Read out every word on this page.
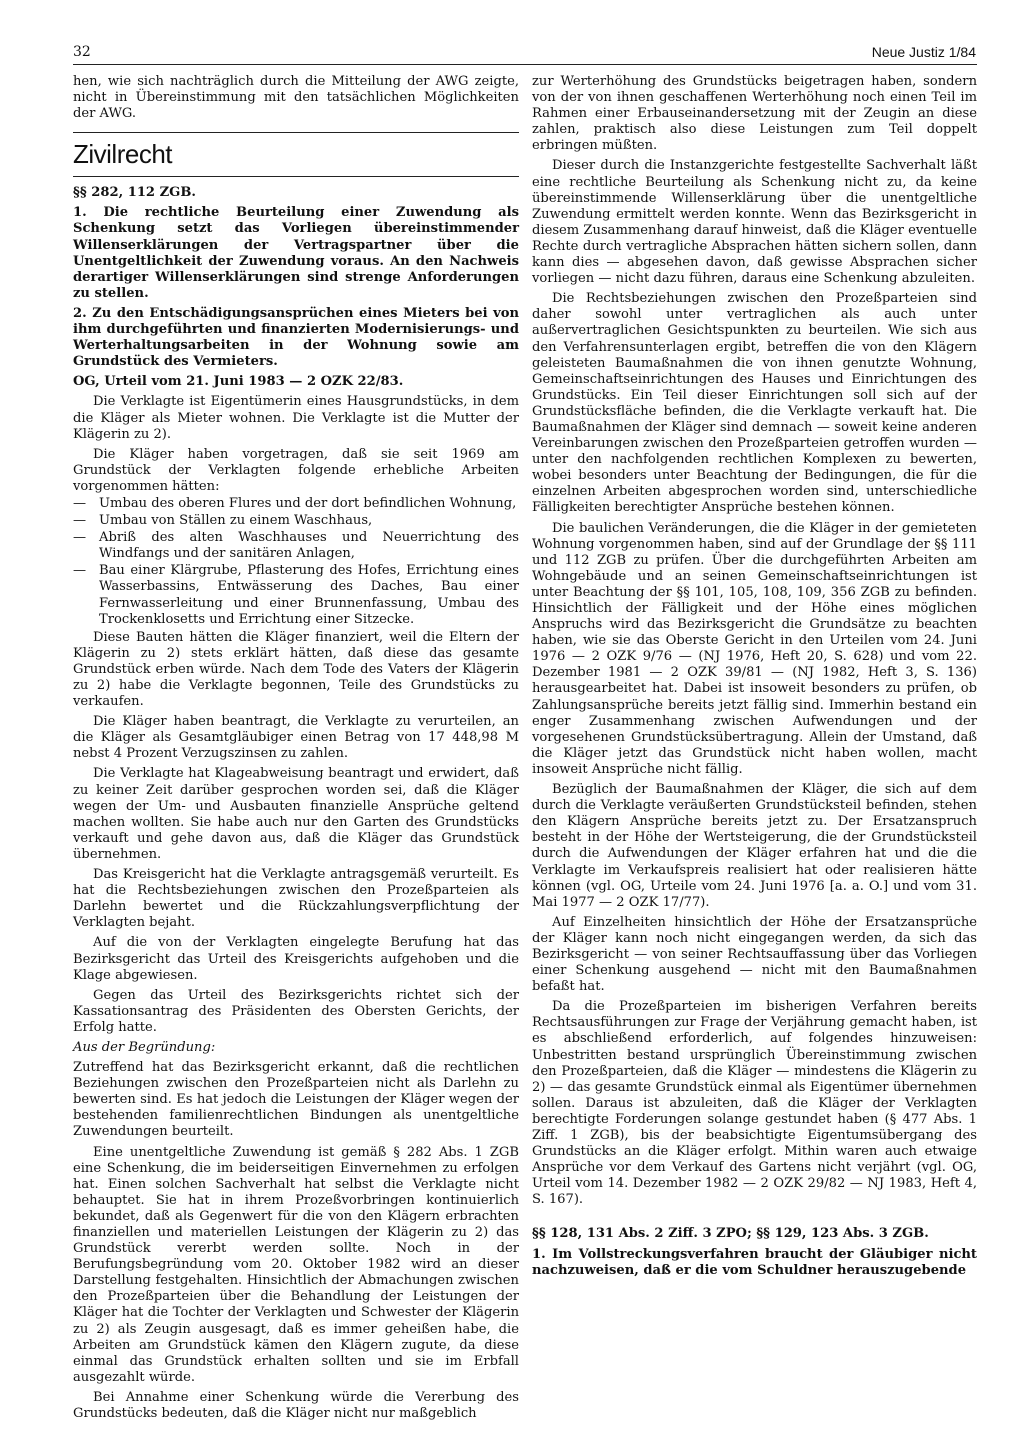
32	Neue Justiz 1/84

hen, wie sich nachträglich durch die Mitteilung der AWG zeigte, nicht in Übereinstimmung mit den tatsächlichen Möglichkeiten der AWG.

Zivilrecht

§§ 282, 112 ZGB.

1. Die rechtliche Beurteilung einer Zuwendung als Schenkung setzt das Vorliegen übereinstimmender Willenserklärungen der Vertragspartner über die Unentgeltlichkeit der Zuwendung voraus. An den Nachweis derartiger Willenserklärungen sind strenge Anforderungen zu stellen.

2. Zu den Entschädigungsansprüchen eines Mieters bei von ihm durchgeführten und finanzierten Modernisierungs- und Werterhaltungsarbeiten in der Wohnung sowie am Grundstück des Vermieters.

OG, Urteil vom 21. Juni 1983 — 2 OZK 22/83.

Die Verklagte ist Eigentümerin eines Hausgrundstücks, in dem die Kläger als Mieter wohnen. Die Verklagte ist die Mutter der Klägerin zu 2).

Die Kläger haben vorgetragen, daß sie seit 1969 am Grundstück der Verklagten folgende erhebliche Arbeiten vorgenommen hätten:

— Umbau des oberen Flures und der dort befindlichen Wohnung,
— Umbau von Ställen zu einem Waschhaus,
— Abriß des alten Waschhauses und Neuerrichtung des Windfangs und der sanitären Anlagen,
— Bau einer Klärgrube, Pflasterung des Hofes, Errichtung eines Wasserbassins, Entwässerung des Daches, Bau einer Fernwasserleitung und einer Brunnenfassung, Umbau des Trockenklosetts und Errichtung einer Sitzecke.

Diese Bauten hätten die Kläger finanziert, weil die Eltern der Klägerin zu 2) stets erklärt hätten, daß diese das gesamte Grundstück erben würde. Nach dem Tode des Vaters der Klägerin zu 2) habe die Verklagte begonnen, Teile des Grundstücks zu verkaufen.

Die Kläger haben beantragt, die Verklagte zu verurteilen, an die Kläger als Gesamtgläubiger einen Betrag von 17 448,98 M nebst 4 Prozent Verzugszinsen zu zahlen.

Die Verklagte hat Klageabweisung beantragt und erwidert, daß zu keiner Zeit darüber gesprochen worden sei, daß die Kläger wegen der Um- und Ausbauten finanzielle Ansprüche geltend machen wollten. Sie habe auch nur den Garten des Grundstücks verkauft und gehe davon aus, daß die Kläger das Grundstück übernehmen.

Das Kreisgericht hat die Verklagte antragsgemäß verurteilt. Es hat die Rechtsbeziehungen zwischen den Prozeßparteien als Darlehn bewertet und die Rückzahlungsverpflichtung der Verklagten bejaht.

Auf die von der Verklagten eingelegte Berufung hat das Bezirksgericht das Urteil des Kreisgerichts aufgehoben und die Klage abgewiesen.

Gegen das Urteil des Bezirksgerichts richtet sich der Kassationsantrag des Präsidenten des Obersten Gerichts, der Erfolg hatte.

Aus der Begründung:

Zutreffend hat das Bezirksgericht erkannt, daß die rechtlichen Beziehungen zwischen den Prozeßparteien nicht als Darlehn zu bewerten sind. Es hat jedoch die Leistungen der Kläger wegen der bestehenden familienrechtlichen Bindungen als unentgeltliche Zuwendungen beurteilt.

Eine unentgeltliche Zuwendung ist gemäß § 282 Abs. 1 ZGB eine Schenkung, die im beiderseitigen Einvernehmen zu erfolgen hat. Einen solchen Sachverhalt hat selbst die Verklagte nicht behauptet. Sie hat in ihrem Prozeßvorbringen kontinuierlich bekundet, daß als Gegenwert für die von den Klägern erbrachten finanziellen und materiellen Leistungen der Klägerin zu 2) das Grundstück vererbt werden sollte. Noch in der Berufungsbegründung vom 20. Oktober 1982 wird an dieser Darstellung festgehalten. Hinsichtlich der Abmachungen zwischen den Prozeßparteien über die Behandlung der Leistungen der Kläger hat die Tochter der Verklagten und Schwester der Klägerin zu 2) als Zeugin ausgesagt, daß es immer geheißen habe, die Arbeiten am Grundstück kämen den Klägern zugute, da diese einmal das Grundstück erhalten sollten und sie im Erbfall ausgezahlt würde.

Bei Annahme einer Schenkung würde die Vererbung des Grundstücks bedeuten, daß die Kläger nicht nur maßgeblich

zur Werterhöhung des Grundstücks beigetragen haben, sondern von der von ihnen geschaffenen Werterhöhung noch einen Teil im Rahmen einer Erbauseinandersetzung mit der Zeugin an diese zahlen, praktisch also diese Leistungen zum Teil doppelt erbringen müßten.

Dieser durch die Instanzgerichte festgestellte Sachverhalt läßt eine rechtliche Beurteilung als Schenkung nicht zu, da keine übereinstimmende Willenserklärung über die unentgeltliche Zuwendung ermittelt werden konnte. Wenn das Bezirksgericht in diesem Zusammenhang darauf hinweist, daß die Kläger eventuelle Rechte durch vertragliche Absprachen hätten sichern sollen, dann kann dies — abgesehen davon, daß gewisse Absprachen sicher vorliegen — nicht dazu führen, daraus eine Schenkung abzuleiten.

Die Rechtsbeziehungen zwischen den Prozeßparteien sind daher sowohl unter vertraglichen als auch unter außervertraglichen Gesichtspunkten zu beurteilen. Wie sich aus den Verfahrensunterlagen ergibt, betreffen die von den Klägern geleisteten Baumaßnahmen die von ihnen genutzte Wohnung, Gemeinschaftseinrichtungen des Hauses und Einrichtungen des Grundstücks. Ein Teil dieser Einrichtungen soll sich auf der Grundstücksfläche befinden, die die Verklagte verkauft hat. Die Baumaßnahmen der Kläger sind demnach — soweit keine anderen Vereinbarungen zwischen den Prozeßparteien getroffen wurden — unter den nachfolgenden rechtlichen Komplexen zu bewerten, wobei besonders unter Beachtung der Bedingungen, die für die einzelnen Arbeiten abgesprochen worden sind, unterschiedliche Fälligkeiten berechtigter Ansprüche bestehen können.

Die baulichen Veränderungen, die die Kläger in der gemieteten Wohnung vorgenommen haben, sind auf der Grundlage der §§ 111 und 112 ZGB zu prüfen. Über die durchgeführten Arbeiten am Wohngebäude und an seinen Gemeinschaftseinrichtungen ist unter Beachtung der §§ 101, 105, 108, 109, 356 ZGB zu befinden. Hinsichtlich der Fälligkeit und der Höhe eines möglichen Anspruchs wird das Bezirksgericht die Grundsätze zu beachten haben, wie sie das Oberste Gericht in den Urteilen vom 24. Juni 1976 — 2 OZK 9/76 — (NJ 1976, Heft 20, S. 628) und vom 22. Dezember 1981 — 2 OZK 39/81 — (NJ 1982, Heft 3, S. 136) herausgearbeitet hat. Dabei ist insoweit besonders zu prüfen, ob Zahlungsansprüche bereits jetzt fällig sind. Immerhin bestand ein enger Zusammenhang zwischen Aufwendungen und der vorgesehenen Grundstücksübertragung. Allein der Umstand, daß die Kläger jetzt das Grundstück nicht haben wollen, macht insoweit Ansprüche nicht fällig.

Bezüglich der Baumaßnahmen der Kläger, die sich auf dem durch die Verklagte veräußerten Grundstücksteil befinden, stehen den Klägern Ansprüche bereits jetzt zu. Der Ersatzanspruch besteht in der Höhe der Wertsteigerung, die der Grundstücksteil durch die Aufwendungen der Kläger erfahren hat und die die Verklagte im Verkaufspreis realisiert hat oder realisieren hätte können (vgl. OG, Urteile vom 24. Juni 1976 [a. a. O.] und vom 31. Mai 1977 — 2 OZK 17/77).

Auf Einzelheiten hinsichtlich der Höhe der Ersatzansprüche der Kläger kann noch nicht eingegangen werden, da sich das Bezirksgericht — von seiner Rechtsauffassung über das Vorliegen einer Schenkung ausgehend — nicht mit den Baumaßnahmen befaßt hat.

Da die Prozeßparteien im bisherigen Verfahren bereits Rechtsausführungen zur Frage der Verjährung gemacht haben, ist es abschließend erforderlich, auf folgendes hinzuweisen: Unbestritten bestand ursprünglich Übereinstimmung zwischen den Prozeßparteien, daß die Kläger — mindestens die Klägerin zu 2) — das gesamte Grundstück einmal als Eigentümer übernehmen sollen. Daraus ist abzuleiten, daß die Kläger der Verklagten berechtigte Forderungen solange gestundet haben (§ 477 Abs. 1 Ziff. 1 ZGB), bis der beabsichtigte Eigentumsübergang des Grundstücks an die Kläger erfolgt. Mithin waren auch etwaige Ansprüche vor dem Verkauf des Gartens nicht verjährt (vgl. OG, Urteil vom 14. Dezember 1982 — 2 OZK 29/82 — NJ 1983, Heft 4, S. 167).

§§ 128, 131 Abs. 2 Ziff. 3 ZPO; §§ 129, 123 Abs. 3 ZGB.

1. Im Vollstreckungsverfahren braucht der Gläubiger nicht nachzuweisen, daß er die vom Schuldner herauszugebende
